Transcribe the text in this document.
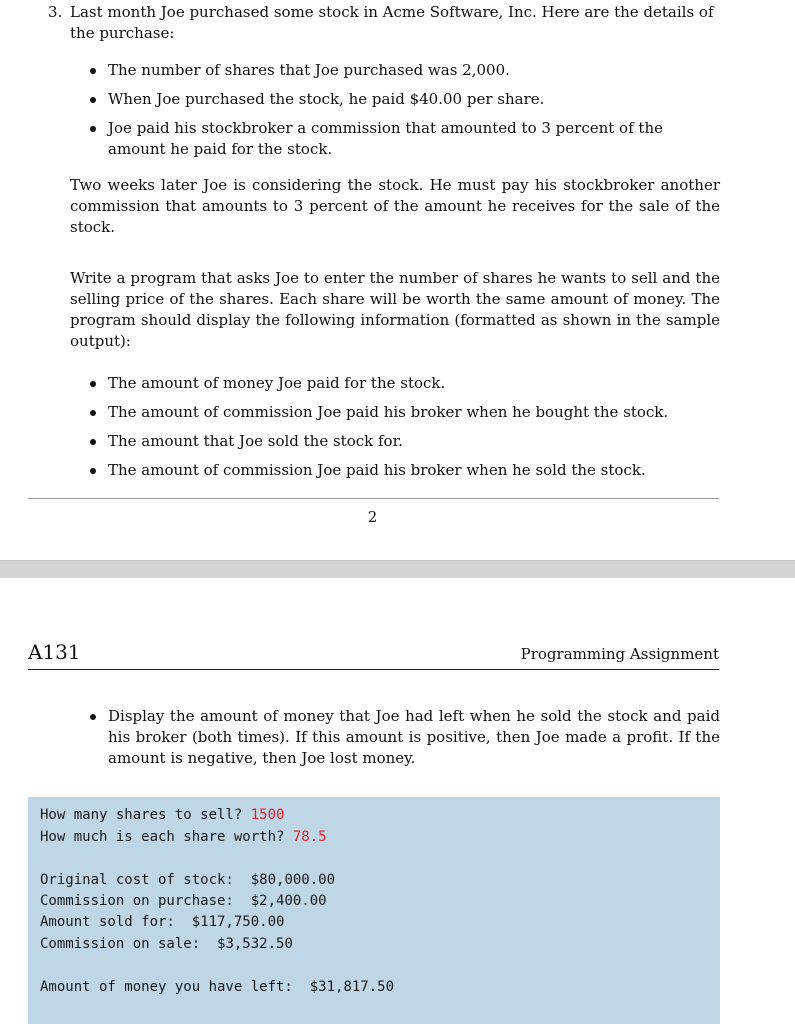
3. Last month Joe purchased some stock in Acme Software, Inc. Here are the details of the purchase:
The number of shares that Joe purchased was 2,000.
When Joe purchased the stock, he paid $40.00 per share.
Joe paid his stockbroker a commission that amounted to 3 percent of the amount he paid for the stock.
Two weeks later Joe is considering the stock. He must pay his stockbroker another commission that amounts to 3 percent of the amount he receives for the sale of the stock.
Write a program that asks Joe to enter the number of shares he wants to sell and the selling price of the shares. Each share will be worth the same amount of money. The program should display the following information (formatted as shown in the sample output):
The amount of money Joe paid for the stock.
The amount of commission Joe paid his broker when he bought the stock.
The amount that Joe sold the stock for.
The amount of commission Joe paid his broker when he sold the stock.
2
A131	Programming Assignment
Display the amount of money that Joe had left when he sold the stock and paid his broker (both times). If this amount is positive, then Joe made a profit. If the amount is negative, then Joe lost money.
How many shares to sell? 1500
How much is each share worth? 78.5
Original cost of stock: $80,000.00
Commission on purchase: $2,400.00
Amount sold for: $117,750.00
Commission on sale: $3,532.50
Amount of money you have left: $31,817.50
